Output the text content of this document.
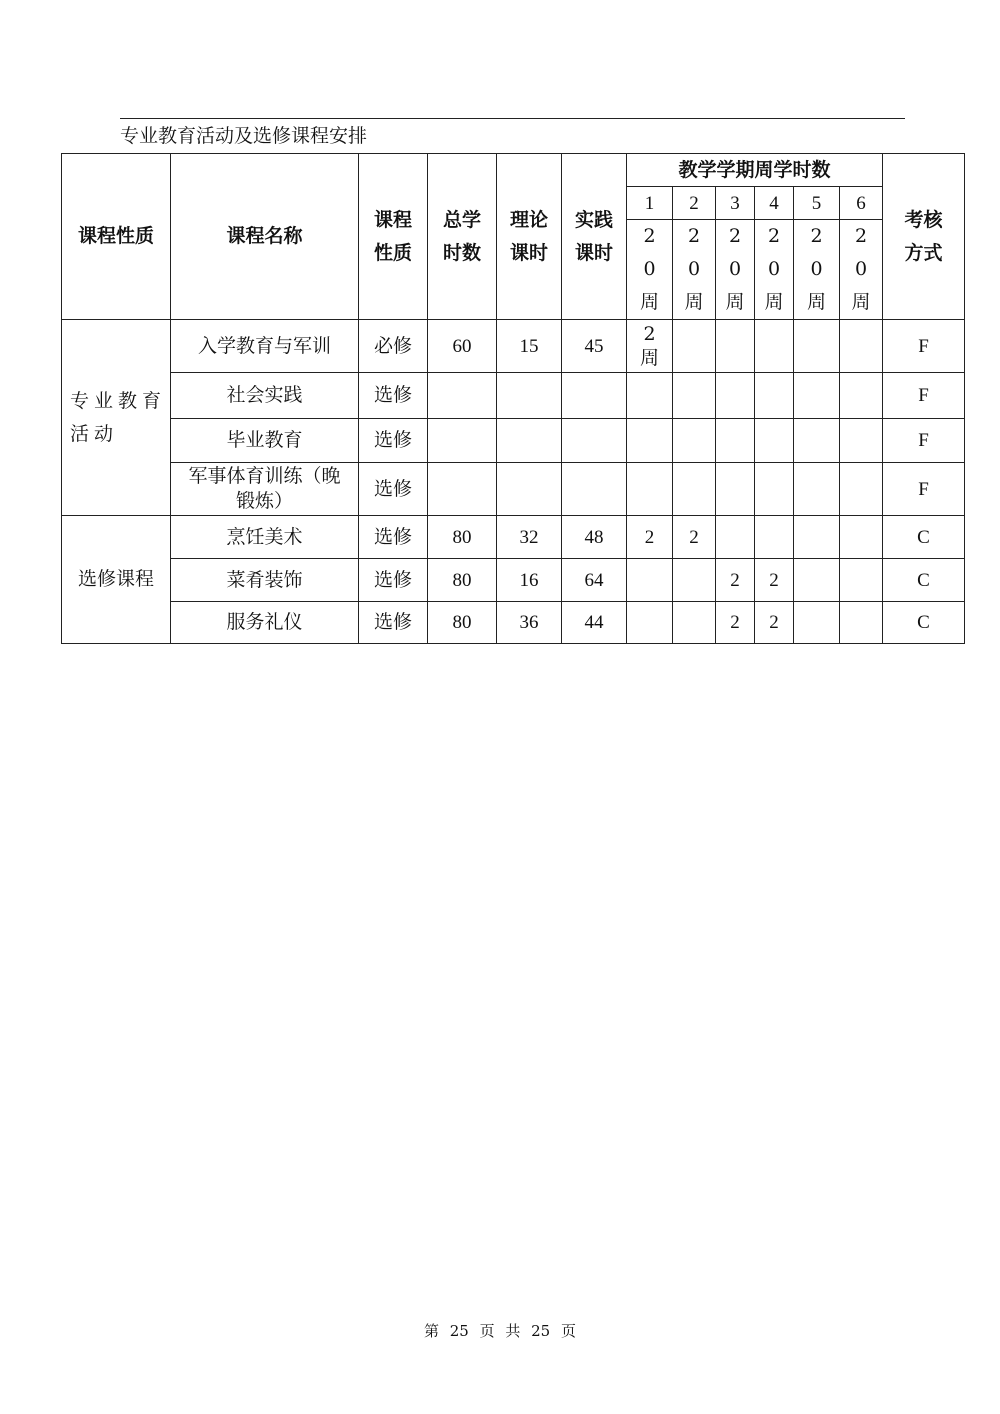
专业教育活动及选修课程安排
课程性质	课程名称	课程性质	总学时数	理论课时	实践课时	教学学期周学时数						考核方式

						1	2	3	4	5	6	

						20周	20周	20周	20周	20周	20周	

专业教育活动	入学教育与军训	必修	60	15	45	2周						F
	社会实践	选修										F
	毕业教育	选修										F

	军事体育训练（晚锻炼）	选修										F
选修课程	烹饪美术	选修	80	32	48	2	2					C
	菜肴装饰	选修	80	16	64			2	2			C
	服务礼仪	选修	80	36	44			2	2			C
第 25 页 共 25 页
